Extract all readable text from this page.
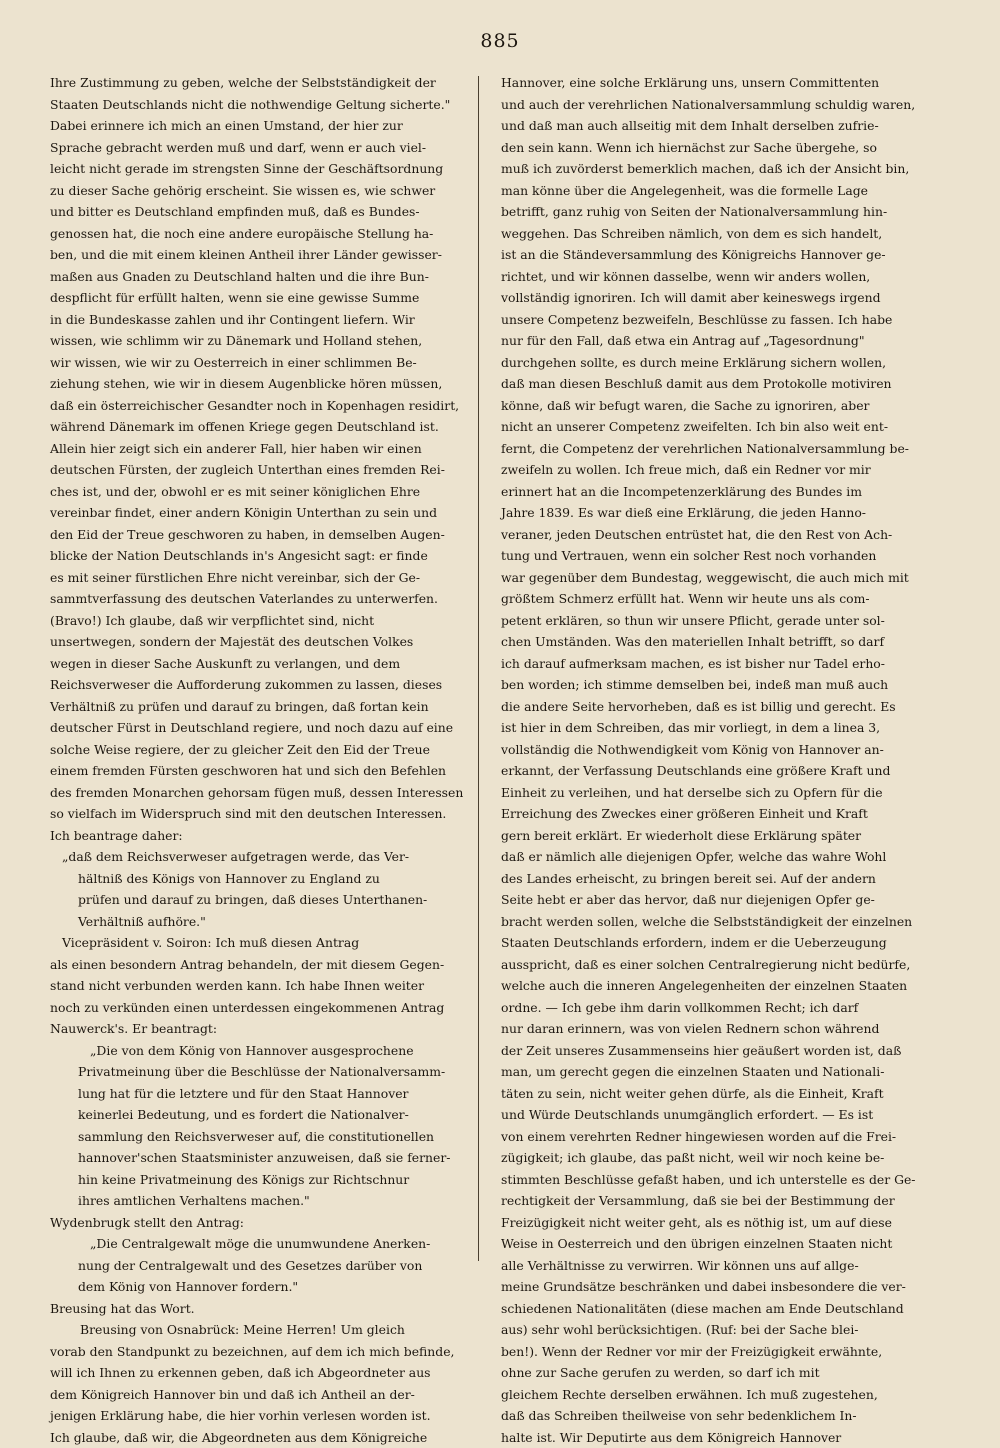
885
Ihre Zustimmung zu geben, welche der Selbstständigkeit der
Staaten Deutschlands nicht die nothwendige Geltung sicherte."
Dabei erinnere ich mich an einen Umstand, der hier zur
Sprache gebracht werden muß und darf, wenn er auch viel-
leicht nicht gerade im strengsten Sinne der Geschäftsordnung
zu dieser Sache gehörig erscheint. Sie wissen es, wie schwer
und bitter es Deutschland empfinden muß, daß es Bundes-
genossen hat, die noch eine andere europäische Stellung ha-
ben, und die mit einem kleinen Antheil ihrer Länder gewisser-
maßen aus Gnaden zu Deutschland halten und die ihre Bun-
despflicht für erfüllt halten, wenn sie eine gewisse Summe
in die Bundeskasse zahlen und ihr Contingent liefern. Wir
wissen, wie schlimm wir zu Dänemark und Holland stehen,
wir wissen, wie wir zu Oesterreich in einer schlimmen Be-
ziehung stehen, wie wir in diesem Augenblicke hören müssen,
daß ein österreichischer Gesandter noch in Kopenhagen residirt,
während Dänemark im offenen Kriege gegen Deutschland ist.
Allein hier zeigt sich ein anderer Fall, hier haben wir einen
deutschen Fürsten, der zugleich Unterthan eines fremden Rei-
ches ist, und der, obwohl er es mit seiner königlichen Ehre
vereinbar findet, einer andern Königin Unterthan zu sein und
den Eid der Treue geschworen zu haben, in demselben Augen-
blicke der Nation Deutschlands in's Angesicht sagt: er finde
es mit seiner fürstlichen Ehre nicht vereinbar, sich der Ge-
sammtverfassung des deutschen Vaterlandes zu unterwerfen.
(Bravo!) Ich glaube, daß wir verpflichtet sind, nicht
unsertwegen, sondern der Majestät des deutschen Volkes
wegen in dieser Sache Auskunft zu verlangen, und dem
Reichsverweser die Aufforderung zukommen zu lassen, dieses
Verhältniß zu prüfen und darauf zu bringen, daß fortan kein
deutscher Fürst in Deutschland regiere, und noch dazu auf eine
solche Weise regiere, der zu gleicher Zeit den Eid der Treue
einem fremden Fürsten geschworen hat und sich den Befehlen
des fremden Monarchen gehorsam fügen muß, dessen Interessen
so vielfach im Widerspruch sind mit den deutschen Interessen.
Ich beantrage daher:
„daß dem Reichsverweser aufgetragen werde, das Ver-
hältniß des Königs von Hannover zu England zu
prüfen und darauf zu bringen, daß dieses Unterthanen-
Verhältniß aufhöre."
Vicepräsident v. Soiron: Ich muß diesen Antrag
als einen besondern Antrag behandeln, der mit diesem Gegen-
stand nicht verbunden werden kann. Ich habe Ihnen weiter
noch zu verkünden einen unterdessen eingekommenen Antrag
Nauwerck's. Er beantragt:
„Die von dem König von Hannover ausgesprochene
Privatmeinung über die Beschlüsse der Nationalversamm-
lung hat für die letztere und für den Staat Hannover
keinerlei Bedeutung, und es fordert die Nationalver-
sammlung den Reichsverweser auf, die constitutionellen
hannover'schen Staatsminister anzuweisen, daß sie ferner-
hin keine Privatmeinung des Königs zur Richtschnur
ihres amtlichen Verhaltens machen."
Wydenbrugk stellt den Antrag:
„Die Centralgewalt möge die unumwundene Anerken-
nung der Centralgewalt und des Gesetzes darüber von
dem König von Hannover fordern."
Breusing hat das Wort.
Breusing von Osnabrück: Meine Herren! Um gleich
vorab den Standpunkt zu bezeichnen, auf dem ich mich befinde,
will ich Ihnen zu erkennen geben, daß ich Abgeordneter aus
dem Königreich Hannover bin und daß ich Antheil an der-
jenigen Erklärung habe, die hier vorhin verlesen worden ist.
Ich glaube, daß wir, die Abgeordneten aus dem Königreiche
Hannover, eine solche Erklärung uns, unsern Committenten
und auch der verehrlichen Nationalversammlung schuldig waren,
und daß man auch allseitig mit dem Inhalt derselben zufrie-
den sein kann. Wenn ich hiernächst zur Sache übergehe, so
muß ich zuvörderst bemerklich machen, daß ich der Ansicht bin,
man könne über die Angelegenheit, was die formelle Lage
betrifft, ganz ruhig von Seiten der Nationalversammlung hin-
weggehen. Das Schreiben nämlich, von dem es sich handelt,
ist an die Ständeversammlung des Königreichs Hannover ge-
richtet, und wir können dasselbe, wenn wir anders wollen,
vollständig ignoriren. Ich will damit aber keineswegs irgend
unsere Competenz bezweifeln, Beschlüsse zu fassen. Ich habe
nur für den Fall, daß etwa ein Antrag auf „Tagesordnung"
durchgehen sollte, es durch meine Erklärung sichern wollen,
daß man diesen Beschluß damit aus dem Protokolle motiviren
könne, daß wir befugt waren, die Sache zu ignoriren, aber
nicht an unserer Competenz zweifelten. Ich bin also weit ent-
fernt, die Competenz der verehrlichen Nationalversammlung be-
zweifeln zu wollen. Ich freue mich, daß ein Redner vor mir
erinnert hat an die Incompetenzerklärung des Bundes im
Jahre 1839. Es war dieß eine Erklärung, die jeden Hanno-
veraner, jeden Deutschen entrüstet hat, die den Rest von Ach-
tung und Vertrauen, wenn ein solcher Rest noch vorhanden
war gegenüber dem Bundestag, weggewischt, die auch mich mit
größtem Schmerz erfüllt hat. Wenn wir heute uns als com-
petent erklären, so thun wir unsere Pflicht, gerade unter sol-
chen Umständen. Was den materiellen Inhalt betrifft, so darf
ich darauf aufmerksam machen, es ist bisher nur Tadel erho-
ben worden; ich stimme demselben bei, indeß man muß auch
die andere Seite hervorheben, daß es ist billig und gerecht. Es
ist hier in dem Schreiben, das mir vorliegt, in dem a linea 3,
vollständig die Nothwendigkeit vom König von Hannover an-
erkannt, der Verfassung Deutschlands eine größere Kraft und
Einheit zu verleihen, und hat derselbe sich zu Opfern für die
Erreichung des Zweckes einer größeren Einheit und Kraft
gern bereit erklärt. Er wiederholt diese Erklärung später
daß er nämlich alle diejenigen Opfer, welche das wahre Wohl
des Landes erheischt, zu bringen bereit sei. Auf der andern
Seite hebt er aber das hervor, daß nur diejenigen Opfer ge-
bracht werden sollen, welche die Selbstständigkeit der einzelnen
Staaten Deutschlands erfordern, indem er die Ueberzeugung
ausspricht, daß es einer solchen Centralregierung nicht bedürfe,
welche auch die inneren Angelegenheiten der einzelnen Staaten
ordne. — Ich gebe ihm darin vollkommen Recht; ich darf
nur daran erinnern, was von vielen Rednern schon während
der Zeit unseres Zusammenseins hier geäußert worden ist, daß
man, um gerecht gegen die einzelnen Staaten und Nationali-
täten zu sein, nicht weiter gehen dürfe, als die Einheit, Kraft
und Würde Deutschlands unumgänglich erfordert. — Es ist
von einem verehrten Redner hingewiesen worden auf die Frei-
zügigkeit; ich glaube, das paßt nicht, weil wir noch keine be-
stimmten Beschlüsse gefaßt haben, und ich unterstelle es der Ge-
rechtigkeit der Versammlung, daß sie bei der Bestimmung der
Freizügigkeit nicht weiter geht, als es nöthig ist, um auf diese
Weise in Oesterreich und den übrigen einzelnen Staaten nicht
alle Verhältnisse zu verwirren. Wir können uns auf allge-
meine Grundsätze beschränken und dabei insbesondere die ver-
schiedenen Nationalitäten (diese machen am Ende Deutschland
aus) sehr wohl berücksichtigen. (Ruf: bei der Sache blei-
ben!). Wenn der Redner vor mir der Freizügigkeit erwähnte,
ohne zur Sache gerufen zu werden, so darf ich mit
gleichem Rechte derselben erwähnen. Ich muß zugestehen,
daß das Schreiben theilweise von sehr bedenklichem In-
halte ist. Wir Deputirte aus dem Königreich Hannover
